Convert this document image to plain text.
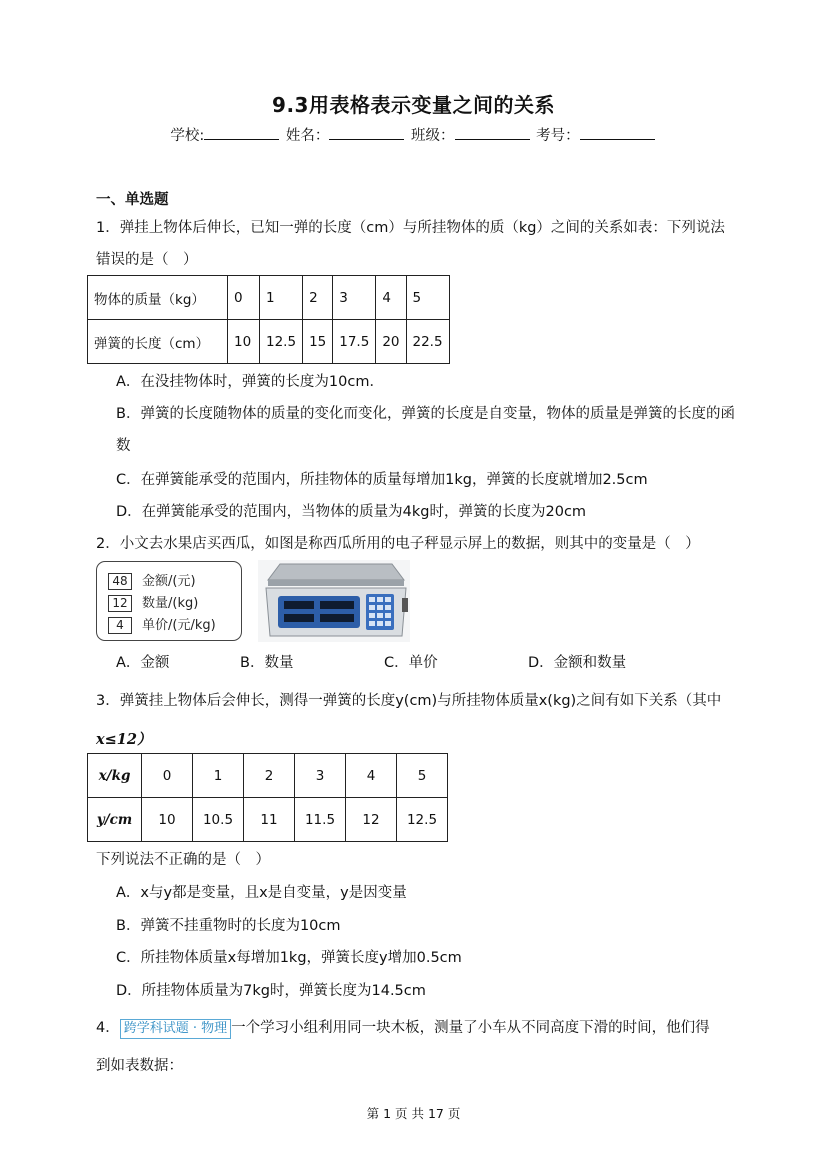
9.3用表格表示变量之间的关系
学校:	姓名：	班级：	考号：
一、单选题
1．弹挂上物体后伸长，已知一弹的长度（cm）与所挂物体的质（kg）之间的关系如表：下列说法
错误的是（　）
物体的质量（kg）	0	1	2	3	4	5
弹簧的长度（cm）	10	12.5	15	17.5	20	22.5
A．在没挂物体时，弹簧的长度为10cm．
B．弹簧的长度随物体的质量的变化而变化，弹簧的长度是自变量，物体的质量是弹簧的长度的函
数
C．在弹簧能承受的范围内，所挂物体的质量每增加1kg，弹簧的长度就增加2.5cm
D．在弹簧能承受的范围内，当物体的质量为4kg时，弹簧的长度为20cm
2．小文去水果店买西瓜，如图是称西瓜所用的电子秤显示屏上的数据，则其中的变量是（　）
48 金额/(元)
12 数量/(kg)
4 单价/(元/kg)
A．金额	B．数量	C．单价	D．金额和数量
3．弹簧挂上物体后会伸长，测得一弹簧的长度y(cm)与所挂物体质量x(kg)之间有如下关系（其中
x≤12）
x/kg	0	1	2	3	4	5
y/cm	10	10.5	11	11.5	12	12.5
下列说法不正确的是（　）
A．x与y都是变量，且x是自变量，y是因变量
B．弹簧不挂重物时的长度为10cm
C．所挂物体质量x每增加1kg，弹簧长度y增加0.5cm
D．所挂物体质量为7kg时，弹簧长度为14.5cm
4． 跨学科试题 · 物理 一个学习小组利用同一块木板，测量了小车从不同高度下滑的时间，他们得
到如表数据：
第 1 页 共 17 页
